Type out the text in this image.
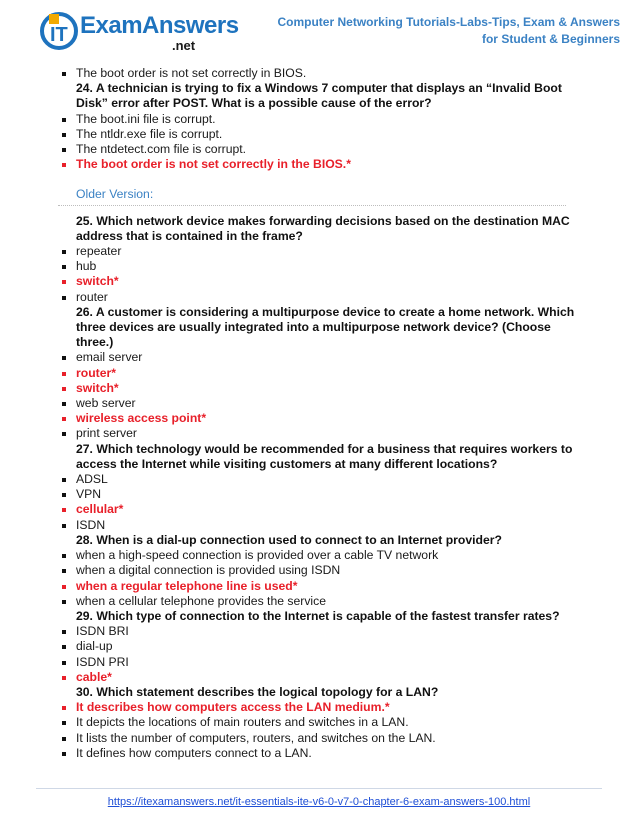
IT ExamAnswers
.net
Computer Networking Tutorials-Labs-Tips, Exam & Answers
for Student & Beginners
The boot order is not set correctly in BIOS.
24. A technician is trying to fix a Windows 7 computer that displays an “Invalid Boot Disk” error after POST. What is a possible cause of the error?
The boot.ini file is corrupt.
The ntldr.exe file is corrupt.
The ntdetect.com file is corrupt.
The boot order is not set correctly in the BIOS.*
Older Version:
25. Which network device makes forwarding decisions based on the destination MAC address that is contained in the frame?
repeater
hub
switch*
router
26. A customer is considering a multipurpose device to create a home network. Which three devices are usually integrated into a multipurpose network device? (Choose three.)
email server
router*
switch*
web server
wireless access point*
print server
27. Which technology would be recommended for a business that requires workers to access the Internet while visiting customers at many different locations?
ADSL
VPN
cellular*
ISDN
28. When is a dial-up connection used to connect to an Internet provider?
when a high-speed connection is provided over a cable TV network
when a digital connection is provided using ISDN
when a regular telephone line is used*
when a cellular telephone provides the service
29. Which type of connection to the Internet is capable of the fastest transfer rates?
ISDN BRI
dial-up
ISDN PRI
cable*
30. Which statement describes the logical topology for a LAN?
It describes how computers access the LAN medium.*
It depicts the locations of main routers and switches in a LAN.
It lists the number of computers, routers, and switches on the LAN.
It defines how computers connect to a LAN.
https://itexamanswers.net/it-essentials-ite-v6-0-v7-0-chapter-6-exam-answers-100.html
